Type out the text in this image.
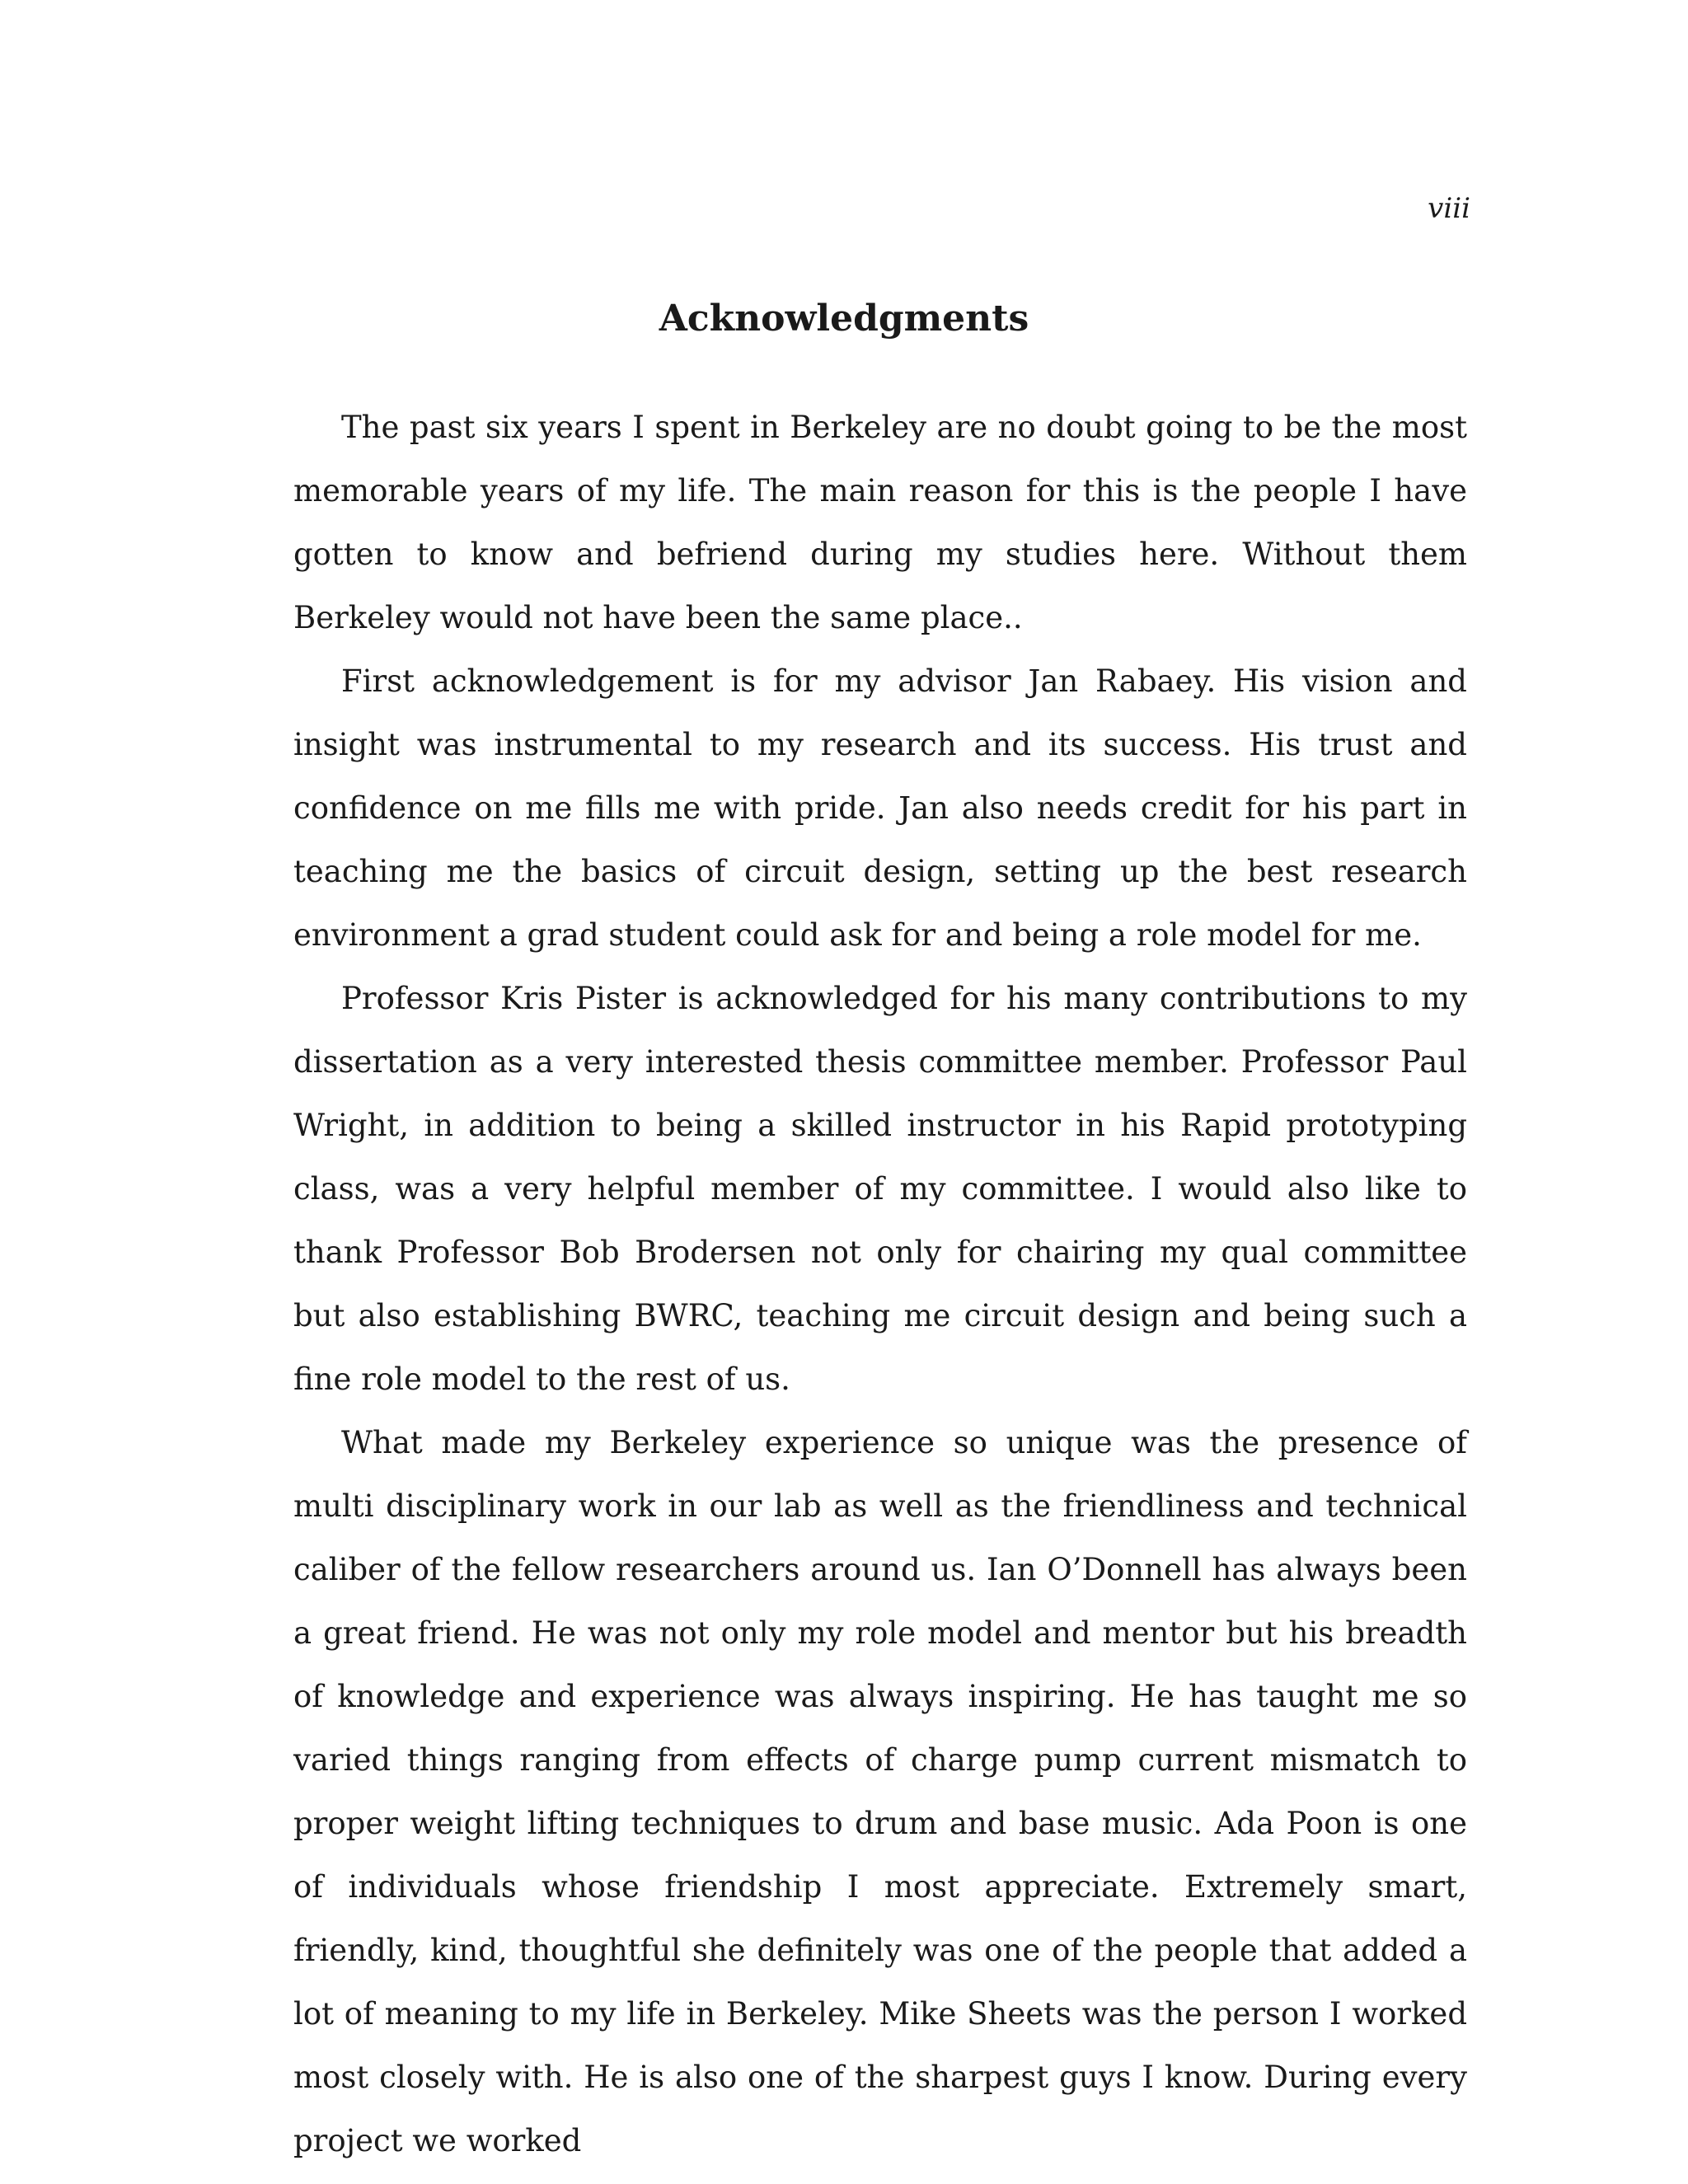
viii
Acknowledgments

The past six years I spent in Berkeley are no doubt going to be the most memorable years of my life. The main reason for this is the people I have gotten to know and befriend during my studies here. Without them Berkeley would not have been the same place..

First acknowledgement is for my advisor Jan Rabaey. His vision and insight was instrumental to my research and its success. His trust and confidence on me fills me with pride. Jan also needs credit for his part in teaching me the basics of circuit design, setting up the best research environment a grad student could ask for and being a role model for me.

Professor Kris Pister is acknowledged for his many contributions to my dissertation as a very interested thesis committee member. Professor Paul Wright, in addition to being a skilled instructor in his Rapid prototyping class, was a very helpful member of my committee. I would also like to thank Professor Bob Brodersen not only for chairing my qual committee but also establishing BWRC, teaching me circuit design and being such a fine role model to the rest of us.

What made my Berkeley experience so unique was the presence of multi disciplinary work in our lab as well as the friendliness and technical caliber of the fellow researchers around us. Ian O’Donnell has always been a great friend. He was not only my role model and mentor but his breadth of knowledge and experience was always inspiring. He has taught me so varied things ranging from effects of charge pump current mismatch to proper weight lifting techniques to drum and base music. Ada Poon is one of individuals whose friendship I most appreciate. Extremely smart, friendly, kind, thoughtful she definitely was one of the people that added a lot of meaning to my life in Berkeley. Mike Sheets was the person I worked most closely with. He is also one of the sharpest guys I know. During every project we worked
